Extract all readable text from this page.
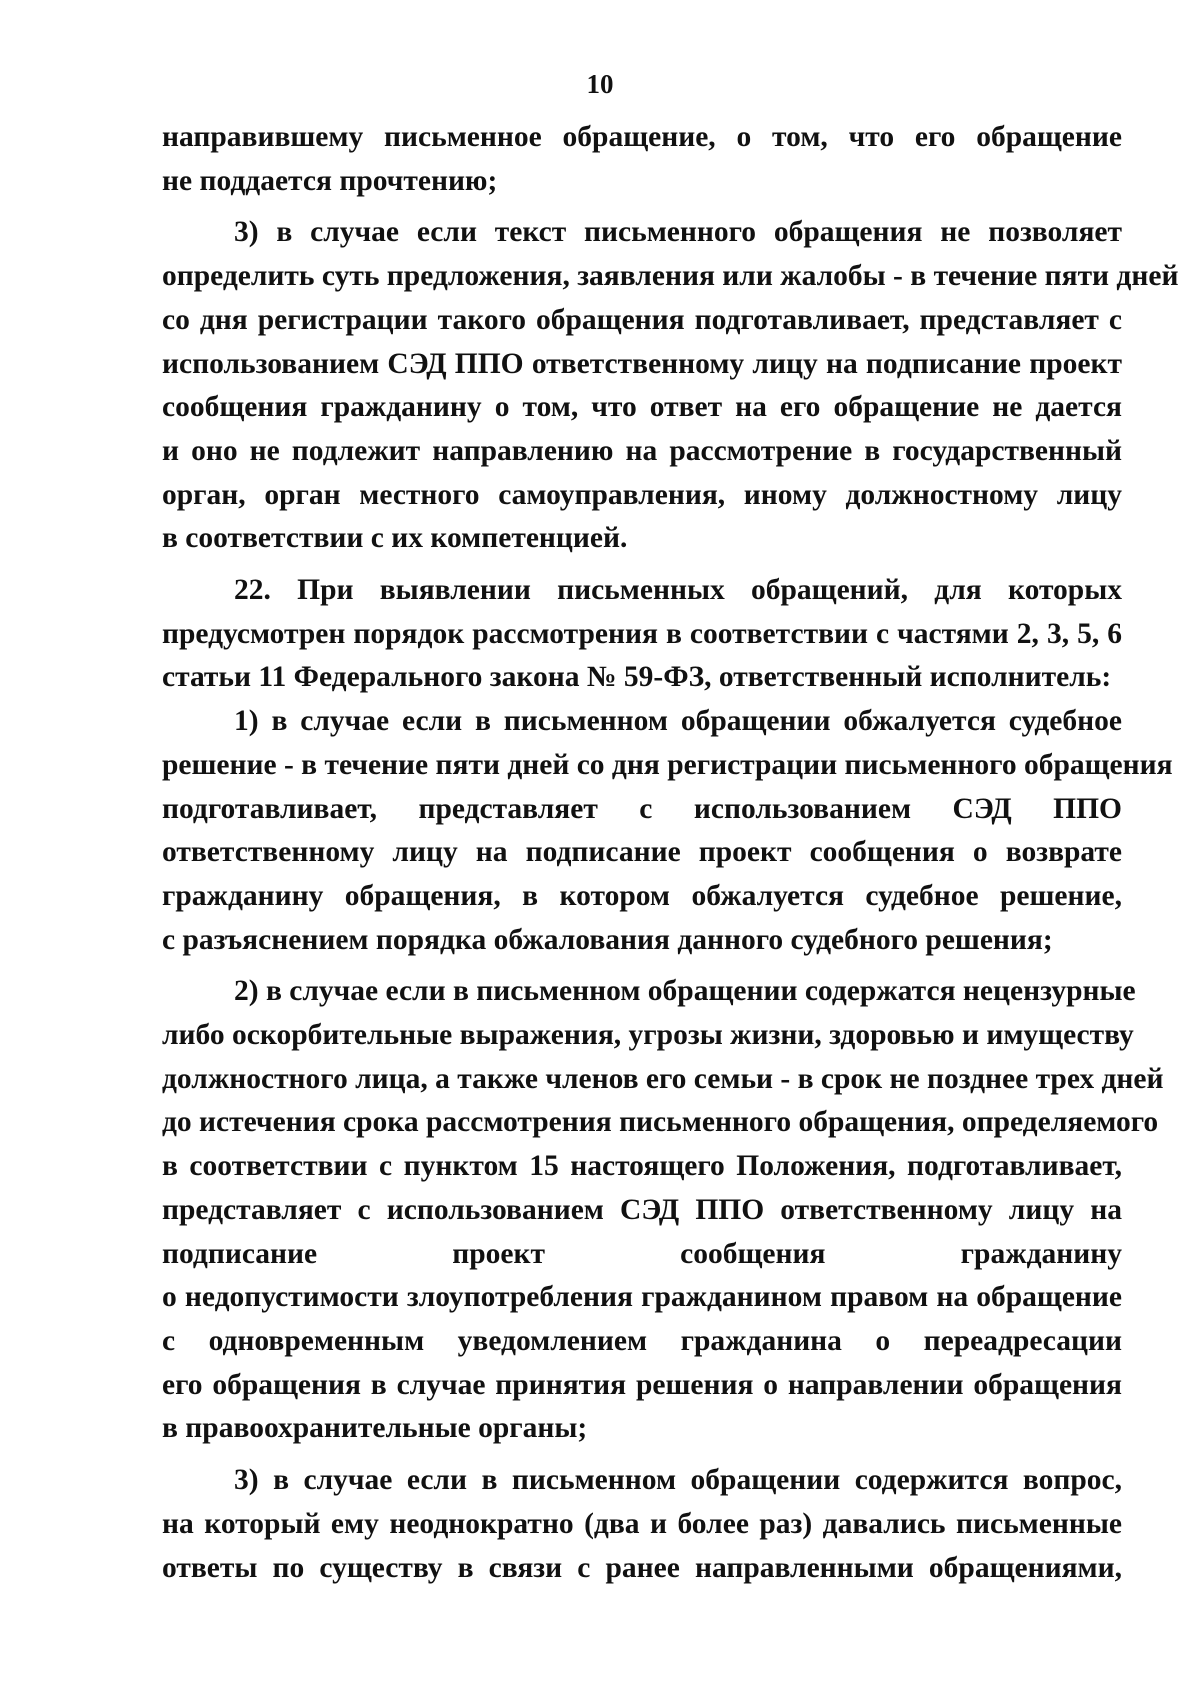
10

направившему письменное обращение, о том, что его обращение
не поддается прочтению;

3) в случае если текст письменного обращения не позволяет
определить суть предложения, заявления или жалобы - в течение пяти дней
со дня регистрации такого обращения подготавливает, представляет с
использованием СЭД ППО ответственному лицу на подписание проект
сообщения гражданину о том, что ответ на его обращение не дается
и оно не подлежит направлению на рассмотрение в государственный
орган, орган местного самоуправления, иному должностному лицу
в соответствии с их компетенцией.

22. При выявлении письменных обращений, для которых
предусмотрен порядок рассмотрения в соответствии с частями 2, 3, 5, 6
статьи 11 Федерального закона № 59-ФЗ, ответственный исполнитель:

1) в случае если в письменном обращении обжалуется судебное
решение - в течение пяти дней со дня регистрации письменного обращения
подготавливает, представляет с использованием СЭД ППО
ответственному лицу на подписание проект сообщения о возврате
гражданину обращения, в котором обжалуется судебное решение,
с разъяснением порядка обжалования данного судебного решения;

2) в случае если в письменном обращении содержатся нецензурные
либо оскорбительные выражения, угрозы жизни, здоровью и имуществу
должностного лица, а также членов его семьи - в срок не позднее трех дней
до истечения срока рассмотрения письменного обращения, определяемого
в соответствии с пунктом 15 настоящего Положения, подготавливает,
представляет с использованием СЭД ППО ответственному лицу на
подписание проект сообщения гражданину
о недопустимости злоупотребления гражданином правом на обращение
с одновременным уведомлением гражданина о переадресации
его обращения в случае принятия решения о направлении обращения
в правоохранительные органы;

3) в случае если в письменном обращении содержится вопрос,
на который ему неоднократно (два и более раз) давались письменные
ответы по существу в связи с ранее направленными обращениями,
